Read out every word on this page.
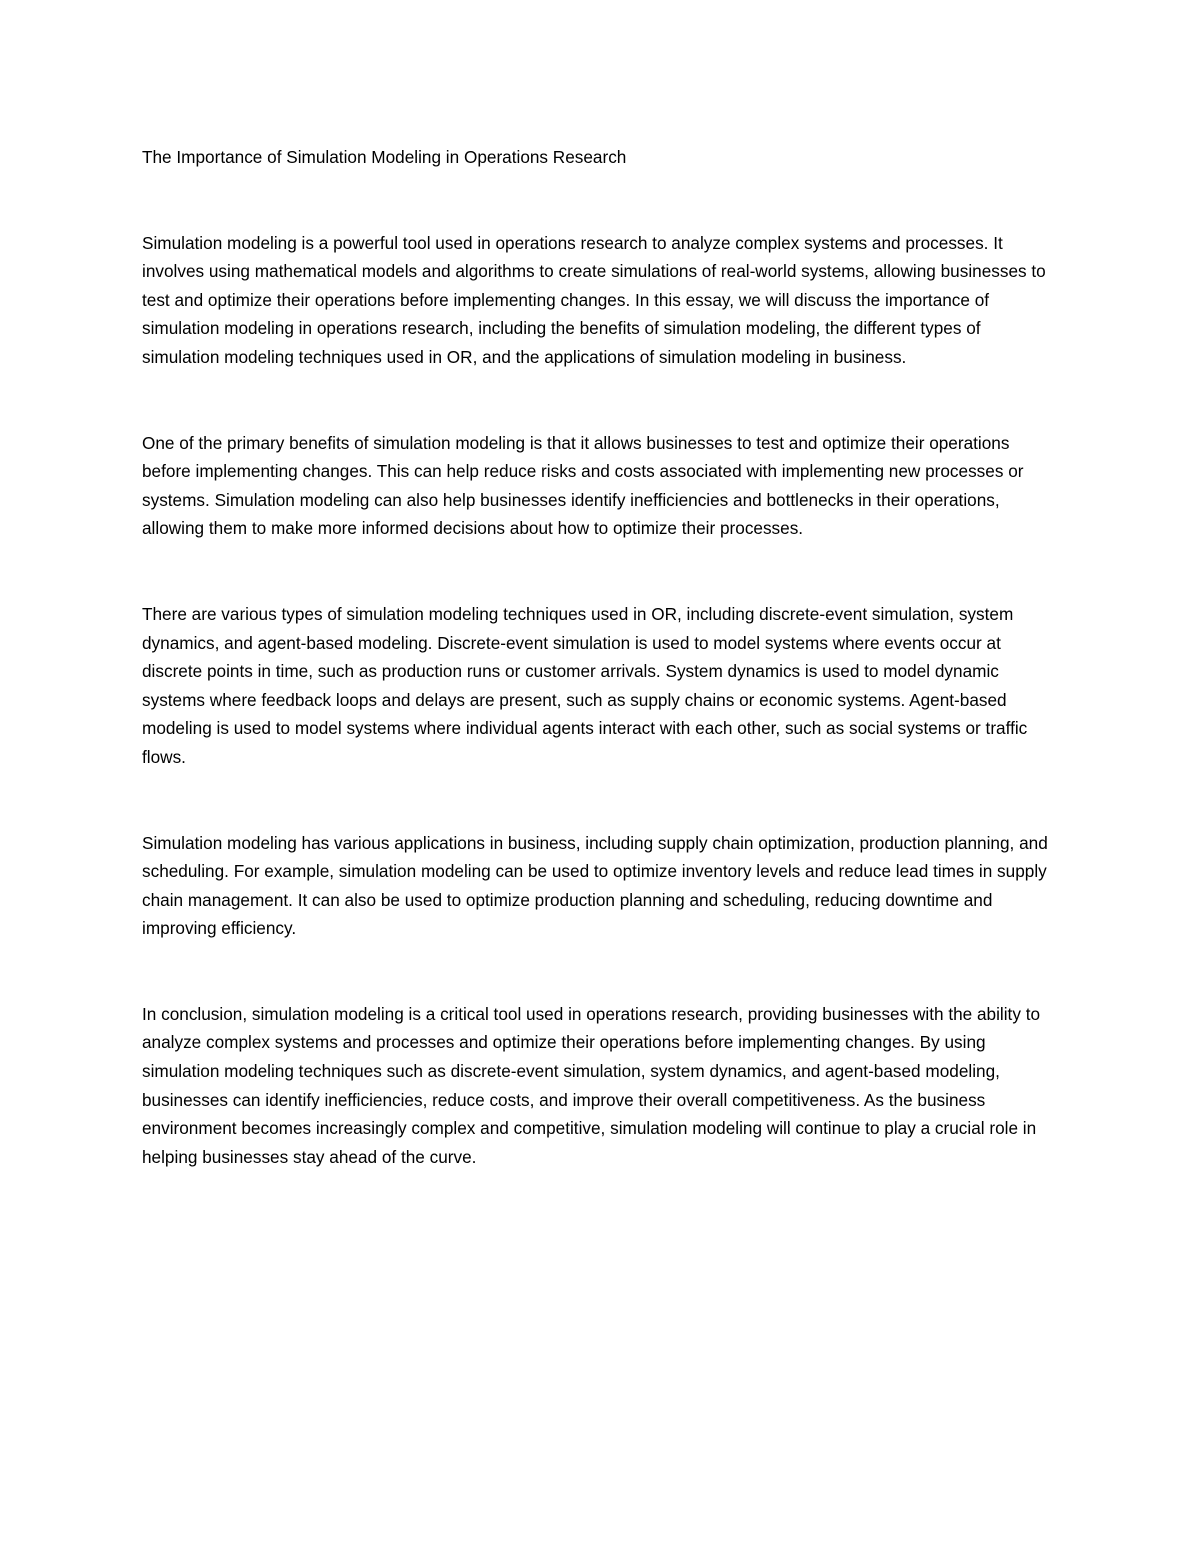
The Importance of Simulation Modeling in Operations Research

Simulation modeling is a powerful tool used in operations research to analyze complex systems and processes. It involves using mathematical models and algorithms to create simulations of real-world systems, allowing businesses to test and optimize their operations before implementing changes. In this essay, we will discuss the importance of simulation modeling in operations research, including the benefits of simulation modeling, the different types of simulation modeling techniques used in OR, and the applications of simulation modeling in business.

One of the primary benefits of simulation modeling is that it allows businesses to test and optimize their operations before implementing changes. This can help reduce risks and costs associated with implementing new processes or systems. Simulation modeling can also help businesses identify inefficiencies and bottlenecks in their operations, allowing them to make more informed decisions about how to optimize their processes.

There are various types of simulation modeling techniques used in OR, including discrete-event simulation, system dynamics, and agent-based modeling. Discrete-event simulation is used to model systems where events occur at discrete points in time, such as production runs or customer arrivals. System dynamics is used to model dynamic systems where feedback loops and delays are present, such as supply chains or economic systems. Agent-based modeling is used to model systems where individual agents interact with each other, such as social systems or traffic flows.

Simulation modeling has various applications in business, including supply chain optimization, production planning, and scheduling. For example, simulation modeling can be used to optimize inventory levels and reduce lead times in supply chain management. It can also be used to optimize production planning and scheduling, reducing downtime and improving efficiency.

In conclusion, simulation modeling is a critical tool used in operations research, providing businesses with the ability to analyze complex systems and processes and optimize their operations before implementing changes. By using simulation modeling techniques such as discrete-event simulation, system dynamics, and agent-based modeling, businesses can identify inefficiencies, reduce costs, and improve their overall competitiveness. As the business environment becomes increasingly complex and competitive, simulation modeling will continue to play a crucial role in helping businesses stay ahead of the curve.
